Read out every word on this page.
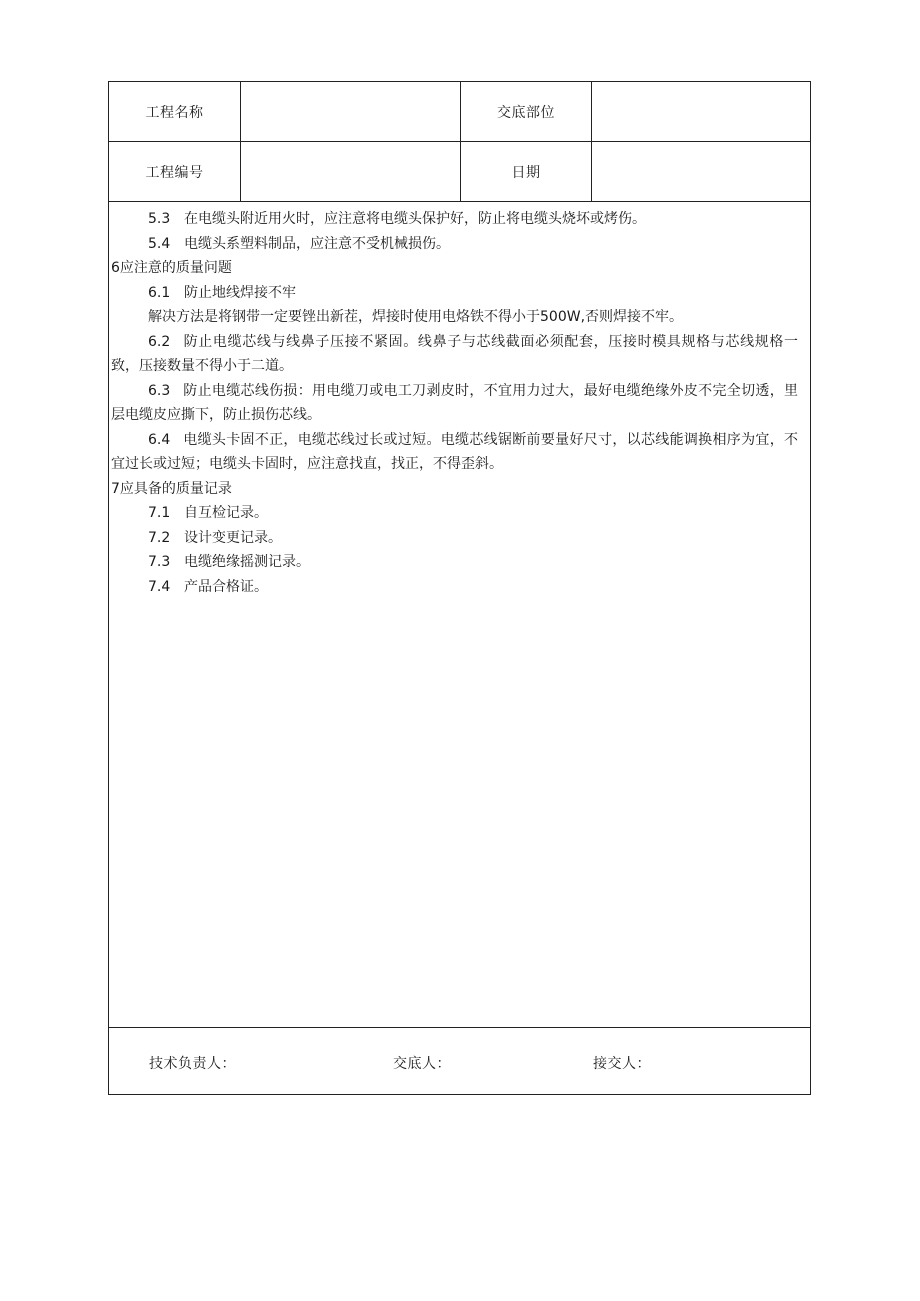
工程名称	交底部位
工程编号	日期
5.3 在电缆头附近用火时，应注意将电缆头保护好，防止将电缆头烧坏或烤伤。
5.4 电缆头系塑料制品，应注意不受机械损伤。
6应注意的质量问题
6.1 防止地线焊接不牢
解决方法是将钢带一定要锉出新茬，焊接时使用电烙铁不得小于500W,否则焊接不牢。
6.2 防止电缆芯线与线鼻子压接不紧固。线鼻子与芯线截面必须配套，压接时模具规格与芯线规格一致，压接数量不得小于二道。
6.3 防止电缆芯线伤损：用电缆刀或电工刀剥皮时，不宜用力过大，最好电缆绝缘外皮不完全切透，里层电缆皮应撕下，防止损伤芯线。
6.4 电缆头卡固不正，电缆芯线过长或过短。电缆芯线锯断前要量好尺寸，以芯线能调换相序为宜，不宜过长或过短；电缆头卡固时，应注意找直，找正，不得歪斜。
7应具备的质量记录
7.1 自互检记录。
7.2 设计变更记录。
7.3 电缆绝缘摇测记录。
7.4 产品合格证。
技术负责人：	交底人：	接交人：
